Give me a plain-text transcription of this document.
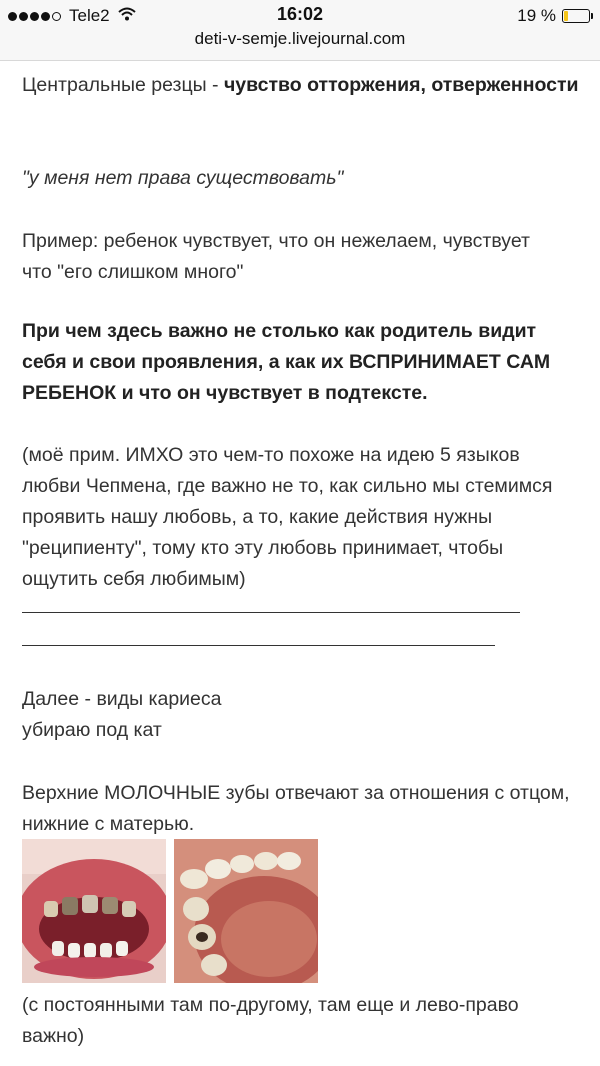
Tele2	16:02	19 %
deti-v-semje.livejournal.com

Центральные резцы - чувство отторжения, отверженности

"у меня нет права существовать"

Пример: ребенок чувствует, что он нежелаем, чувствует что "его слишком много"

При чем здесь важно не столько как родитель видит себя и свои проявления, а как их ВСПРИНИМАЕТ САМ РЕБЕНОК и что он чувствует в подтексте.

(моё прим. ИМХО это чем-то похоже на идею 5 языков любви Чепмена, где важно не то, как сильно мы стемимся проявить нашу любовь, а то, какие действия нужны "реципиенту", тому кто эту любовь принимает, чтобы ощутить себя любимым)

Далее - виды кариеса

убираю под кат

Верхние МОЛОЧНЫЕ зубы отвечают за отношения с отцом, нижние с матерью.

(с постоянными там по-другому, там еще и лево-право важно)
